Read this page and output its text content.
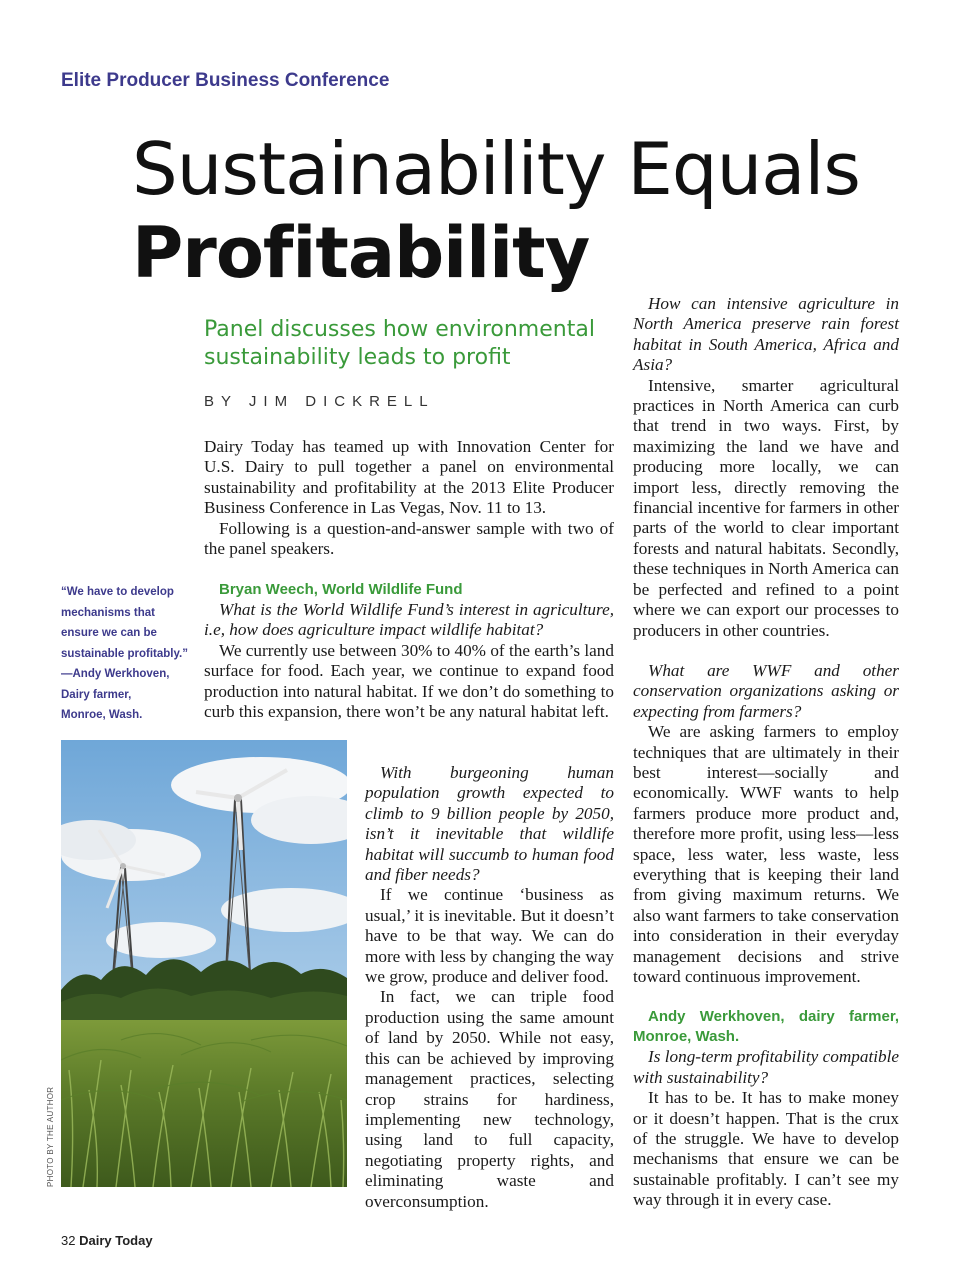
Elite Producer Business Conference
Sustainability Equals
Profitability
Panel discusses how environmental sustainability leads to profit
BY JIM DICKRELL
“We have to develop mechanisms that ensure we can be sustainable profitably.”
—Andy Werkhoven,
Dairy farmer,
Monroe, Wash.

Dairy Today has teamed up with Innovation Center for U.S. Dairy to pull together a panel on environmental sustainability and profitability at the 2013 Elite Producer Business Conference in Las Vegas, Nov. 11 to 13.

Following is a question-and-answer sample with two of the panel speakers.

Bryan Weech, World Wildlife Fund

What is the World Wildlife Fund’s interest in agriculture, i.e, how does agriculture impact wildlife habitat?

We currently use between 30% to 40% of the earth’s land surface for food. Each year, we continue to expand food production into natural habitat. If we don’t do something to curb this expansion, there won’t be any natural habitat left.

With burgeoning human population growth expected to climb to 9 billion people by 2050, isn’t it inevitable that wildlife habitat will succumb to human food and fiber needs?

If we continue ‘business as usual,’ it is inevitable. But it doesn’t have to be that way. We can do more with less by changing the way we grow, produce and deliver food.

In fact, we can triple food production using the same amount of land by 2050. While not easy, this can be achieved by improving management practices, selecting crop strains for hardiness, implementing new technology, using land to full capacity, negotiating property rights, and eliminating waste and overconsumption.

How can intensive agriculture in North America preserve rain forest habitat in South America, Africa and Asia?

Intensive, smarter agricultural practices in North America can curb that trend in two ways. First, by maximizing the land we have and producing more locally, we can import less, directly removing the financial incentive for farmers in other parts of the world to clear important forests and natural habitats. Secondly, these techniques in North America can be perfected and refined to a point where we can export our processes to producers in other countries.

What are WWF and other conservation organizations asking or expecting from farmers?

We are asking farmers to employ techniques that are ultimately in their best interest—socially and economically. WWF wants to help farmers produce more product and, therefore more profit, using less—less space, less water, less waste, less everything that is keeping their land from giving maximum returns. We also want farmers to take conservation into consideration in their everyday management decisions and strive toward continuous improvement.

Andy Werkhoven, dairy farmer, Monroe, Wash.

Is long-term profitability compatible with sustainability?

It has to be. It has to make money or it doesn’t happen. That is the crux of the struggle. We have to develop mechanisms that ensure we can be sustainable profitably. I can’t see my way through it in every case.

PHOTO BY THE AUTHOR
32 Dairy Today
